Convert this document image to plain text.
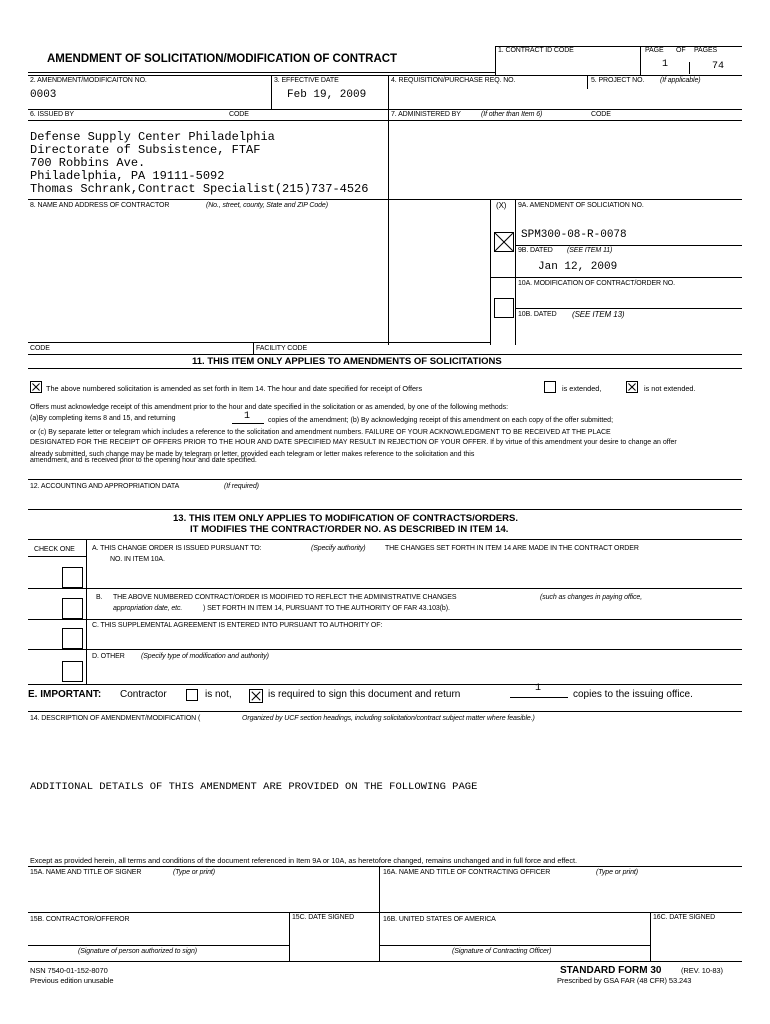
AMENDMENT OF SOLICITATION/MODIFICATION OF CONTRACT
1. CONTRACT ID CODE	PAGE OF PAGES
1	74
2. AMENDMENT/MODIFICAITON NO.
0003
3. EFFECTIVE DATE
Feb 19, 2009
4. REQUISITION/PURCHASE REQ. NO.	5. PROJECT NO. (If applicable)
6. ISSUED BY	CODE	7. ADMINISTERED BY	(If other than Item 6)	CODE
Defense Supply Center Philadelphia
Directorate of Subsistence, FTAF
700 Robbins Ave.
Philadelphia, PA 19111-5092
Thomas Schrank,Contract Specialist(215)737-4526
8. NAME AND ADDRESS OF CONTRACTOR	(No., street, county, State and ZIP Code)	(X) 9A. AMENDMENT OF SOLICIATION NO.
SPM300-08-R-0078
9B. DATED (SEE ITEM 11)
Jan 12, 2009
10A. MODIFICATION OF CONTRACT/ORDER NO.
10B. DATED (SEE ITEM 13)
CODE	FACILITY CODE
11. THIS ITEM ONLY APPLIES TO AMENDMENTS OF SOLICITATIONS
The above numbered solicitation is amended as set forth in Item 14. The hour and date specified for receipt of Offers	is extended,	is not extended.
Offers must acknowledge receipt of this amendment prior to the hour and date specified in the solicitation or as amended, by one of the following methods:
(a)By completing items 8 and 15, and returning	1	copies of the amendment; (b) By acknowledging receipt of this amendment on each copy of the offer submitted;
or (c) By separate letter or telegram which includes a reference to the solicitation and amendment numbers. FAILURE OF YOUR ACKNOWLEDGMENT TO BE RECEIVED AT THE PLACE
DESIGNATED FOR THE RECEIPT OF OFFERS PRIOR TO THE HOUR AND DATE SPECIFIED MAY RESULT IN REJECTION OF YOUR OFFER. If by virtue of this amendment your desire to change an offer
already submitted, such change may be made by telegram or letter, provided each telegram or letter makes reference to the solicitation and this
amendment, and is received prior to the opening hour and date specified.
12. ACCOUNTING AND APPROPRIATION DATA	(If required)
13. THIS ITEM ONLY APPLIES TO MODIFICATION OF CONTRACTS/ORDERS.
IT MODIFIES THE CONTRACT/ORDER NO. AS DESCRIBED IN ITEM 14.
CHECK ONE A. THIS CHANGE ORDER IS ISSUED PURSUANT TO:	(Specify authority)	THE CHANGES SET FORTH IN ITEM 14 ARE MADE IN THE CONTRACT ORDER
NO. IN ITEM 10A.
B. THE ABOVE NUMBERED CONTRACT/ORDER IS MODIFIED TO REFLECT THE ADMINISTRATIVE CHANGES	(such as changes in paying office,
appropriation date, etc.	) SET FORTH IN ITEM 14, PURSUANT TO THE AUTHORITY OF FAR 43.103(b).
C. THIS SUPPLEMENTAL AGREEMENT IS ENTERED INTO PURSUANT TO AUTHORITY OF:
D. OTHER (Specify type of modification and authority)
E. IMPORTANT: Contractor	is not,	is required to sign this document and return
1
copies to the issuing office.
14. DESCRIPTION OF AMENDMENT/MODIFICATION (	Organized by UCF section headings, including solicitation/contract subject matter where feasible.)
ADDITIONAL DETAILS OF THIS AMENDMENT ARE PROVIDED ON THE FOLLOWING PAGE
Except as provided herein, all terms and conditions of the document referenced in Item 9A or 10A, as heretofore changed, remains unchanged and in full force and effect.
15A. NAME AND TITLE OF SIGNER	(Type or print)	16A. NAME AND TITLE OF CONTRACTING OFFICER	(Type or print)
15B. CONTRACTOR/OFFEROR	15C. DATE SIGNED	16B. UNITED STATES OF AMERICA	16C. DATE SIGNED
(Signature of person authorized to sign)	(Signature of Contracting Officer)
NSN 7540-01-152-8070
Previous edition unusable
STANDARD FORM 30	(REV. 10-83)
Prescribed by GSA FAR (48 CFR) 53.243
